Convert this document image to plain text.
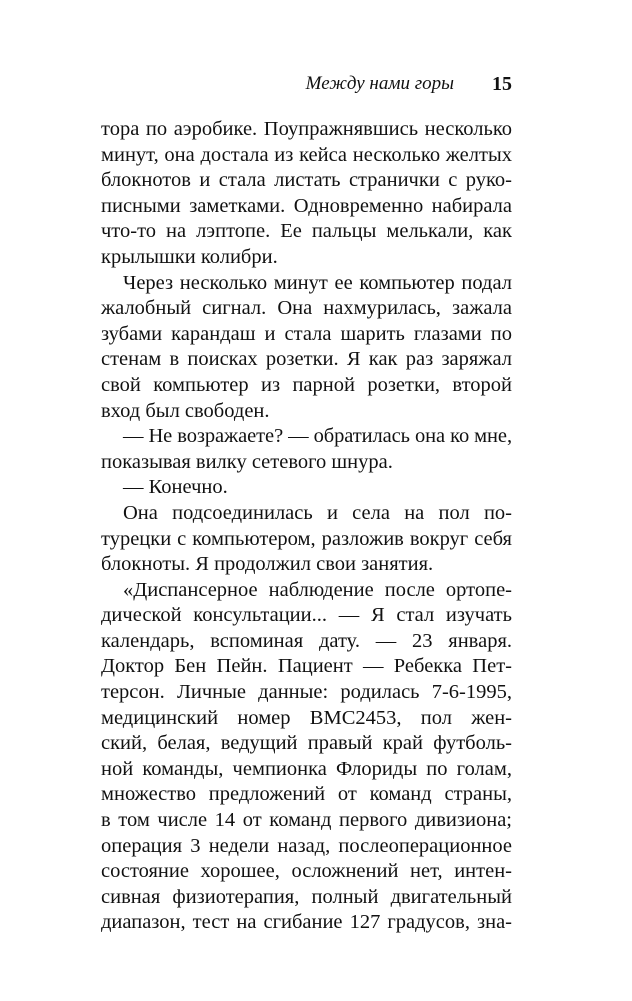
Между нами горы 15
тора по аэробике. Поупражнявшись несколько
минут, она достала из кейса несколько желтых
блокнотов и стала листать странички с руко-
писными заметками. Одновременно набирала
что-то на лэптопе. Ее пальцы мелькали, как
крылышки колибри.
Через несколько минут ее компьютер подал
жалобный сигнал. Она нахмурилась, зажала
зубами карандаш и стала шарить глазами по
стенам в поисках розетки. Я как раз заряжал
свой компьютер из парной розетки, второй
вход был свободен.
— Не возражаете? — обратилась она ко мне,
показывая вилку сетевого шнура.
— Конечно.
Она подсоединилась и села на пол по-
турецки с компьютером, разложив вокруг себя
блокноты. Я продолжил свои занятия.
«Диспансерное наблюдение после ортопе-
дической консультации... — Я стал изучать
календарь, вспоминая дату. — 23 января.
Доктор Бен Пейн. Пациент — Ребекка Пет-
терсон. Личные данные: родилась 7-6-1995,
медицинский номер BMC2453, пол жен-
ский, белая, ведущий правый край футболь-
ной команды, чемпионка Флориды по голам,
множество предложений от команд страны,
в том числе 14 от команд первого дивизиона;
операция 3 недели назад, послеоперационное
состояние хорошее, осложнений нет, интен-
сивная физиотерапия, полный двигательный
диапазон, тест на сгибание 127 градусов, зна-
